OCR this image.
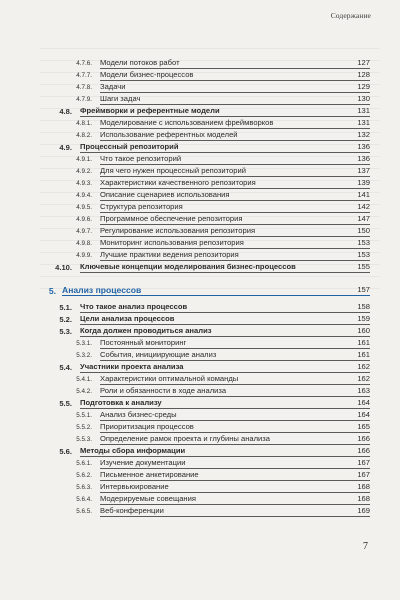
Содержание
4.7.6.	Модели потоков работ	127
4.7.7.	Модели бизнес-процессов	128
4.7.8.	Задачи	129
4.7.9.	Шаги задач	130
4.8.	Фреймворки и референтные модели	131
4.8.1.	Моделирование с использованием фреймворков	131
4.8.2.	Использование референтных моделей	132
4.9.	Процессный репозиторий	136
4.9.1.	Что такое репозиторий	136
4.9.2.	Для чего нужен процессный репозиторий	137
4.9.3.	Характеристики качественного репозитория	139
4.9.4.	Описание сценариев использования	141
4.9.5.	Структура репозитория	142
4.9.6.	Программное обеспечение репозитория	147
4.9.7.	Регулирование использования репозитория	150
4.9.8.	Мониторинг использования репозитория	153
4.9.9.	Лучшие практики ведения репозитория	153
4.10.	Ключевые концепции моделирования бизнес-процессов	155
5. Анализ процессов	157
5.1.	Что такое анализ процессов	158
5.2.	Цели анализа процессов	159
5.3.	Когда должен проводиться анализ	160
5.3.1.	Постоянный мониторинг	161
5.3.2.	События, инициирующие анализ	161
5.4.	Участники проекта анализа	162
5.4.1.	Характеристики оптимальной команды	162
5.4.2.	Роли и обязанности в ходе анализа	163
5.5.	Подготовка к анализу	164
5.5.1.	Анализ бизнес-среды	164
5.5.2.	Приоритизация процессов	165
5.5.3.	Определение рамок проекта и глубины анализа	166
5.6.	Методы сбора информации	166
5.6.1.	Изучение документации	167
5.6.2.	Письменное анкетирование	167
5.6.3.	Интервьюирование	168
5.6.4.	Модерируемые совещания	168
5.6.5.	Веб-конференции	169
7
